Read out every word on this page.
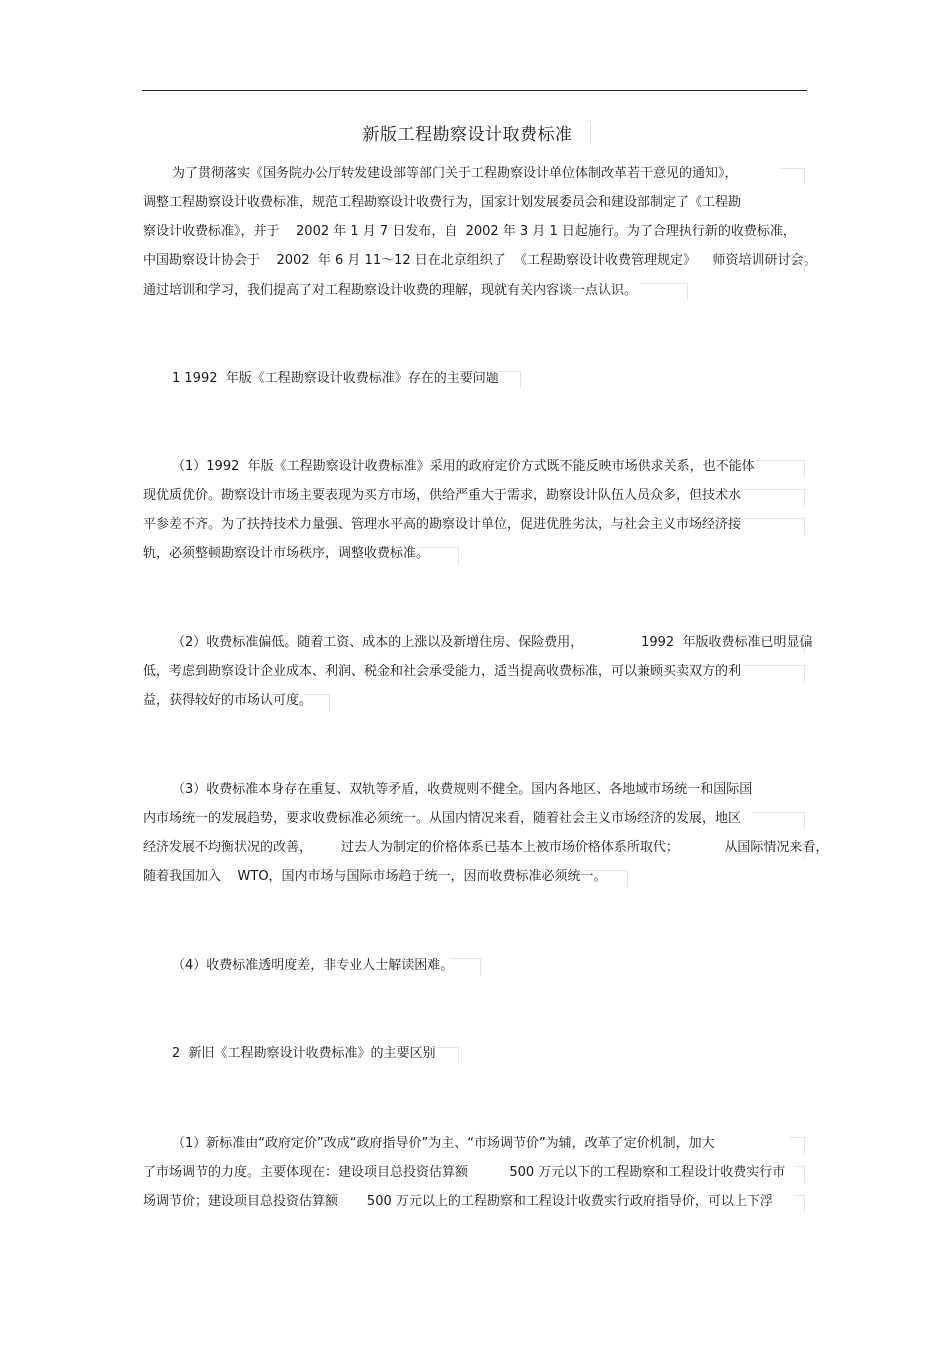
新版工程勘察设计取费标准
为了贯彻落实《国务院办公厅转发建设部等部门关于工程勘察设计单位体制改革若干意见的通知》，
调整工程勘察设计收费标准，规范工程勘察设计收费行为，国家计划发展委员会和建设部制定了《工程勘
察设计收费标准》，并于    2002 年 1 月 7 日发布，自  2002 年 3 月 1 日起施行。为了合理执行新的收费标准，
中国勘察设计协会于    2002  年 6 月 11～12 日在北京组织了  《工程勘察设计收费管理规定》    师资培训研讨会。
通过培训和学习，我们提高了对工程勘察设计收费的理解，现就有关内容谈一点认识。
1 1992  年版《工程勘察设计收费标准》存在的主要问题
（1）1992  年版《工程勘察设计收费标准》采用的政府定价方式既不能反映市场供求关系，也不能体
现优质优价。勘察设计市场主要表现为买方市场，供给严重大于需求，勘察设计队伍人员众多，但技术水
平参差不齐。为了扶持技术力量强、管理水平高的勘察设计单位，促进优胜劣汰，与社会主义市场经济接
轨，必须整顿勘察设计市场秩序，调整收费标准。
（2）收费标准偏低。随着工资、成本的上涨以及新增住房、保险费用，              1992  年版收费标准已明显偏
低，考虑到勘察设计企业成本、利润、税金和社会承受能力，适当提高收费标准，可以兼顾买卖双方的利
益，获得较好的市场认可度。
（3）收费标准本身存在重复、双轨等矛盾，收费规则不健全。国内各地区、各地域市场统一和国际国
内市场统一的发展趋势，要求收费标准必须统一。从国内情况来看，随着社会主义市场经济的发展，地区
经济发展不均衡状况的改善，       过去人为制定的价格体系已基本上被市场价格体系所取代；           从国际情况来看，
随着我国加入    WTO，国内市场与国际市场趋于统一，因而收费标准必须统一。
（4）收费标准透明度差，非专业人士解读困难。
2  新旧《工程勘察设计收费标准》的主要区别
（1）新标准由“政府定价”改成“政府指导价”为主、“市场调节价”为辅，改革了定价机制，加大
了市场调节的力度。主要体现在：建设项目总投资估算额          500 万元以下的工程勘察和工程设计收费实行市
场调节价；建设项目总投资估算额       500 万元以上的工程勘察和工程设计收费实行政府指导价，可以上下浮
